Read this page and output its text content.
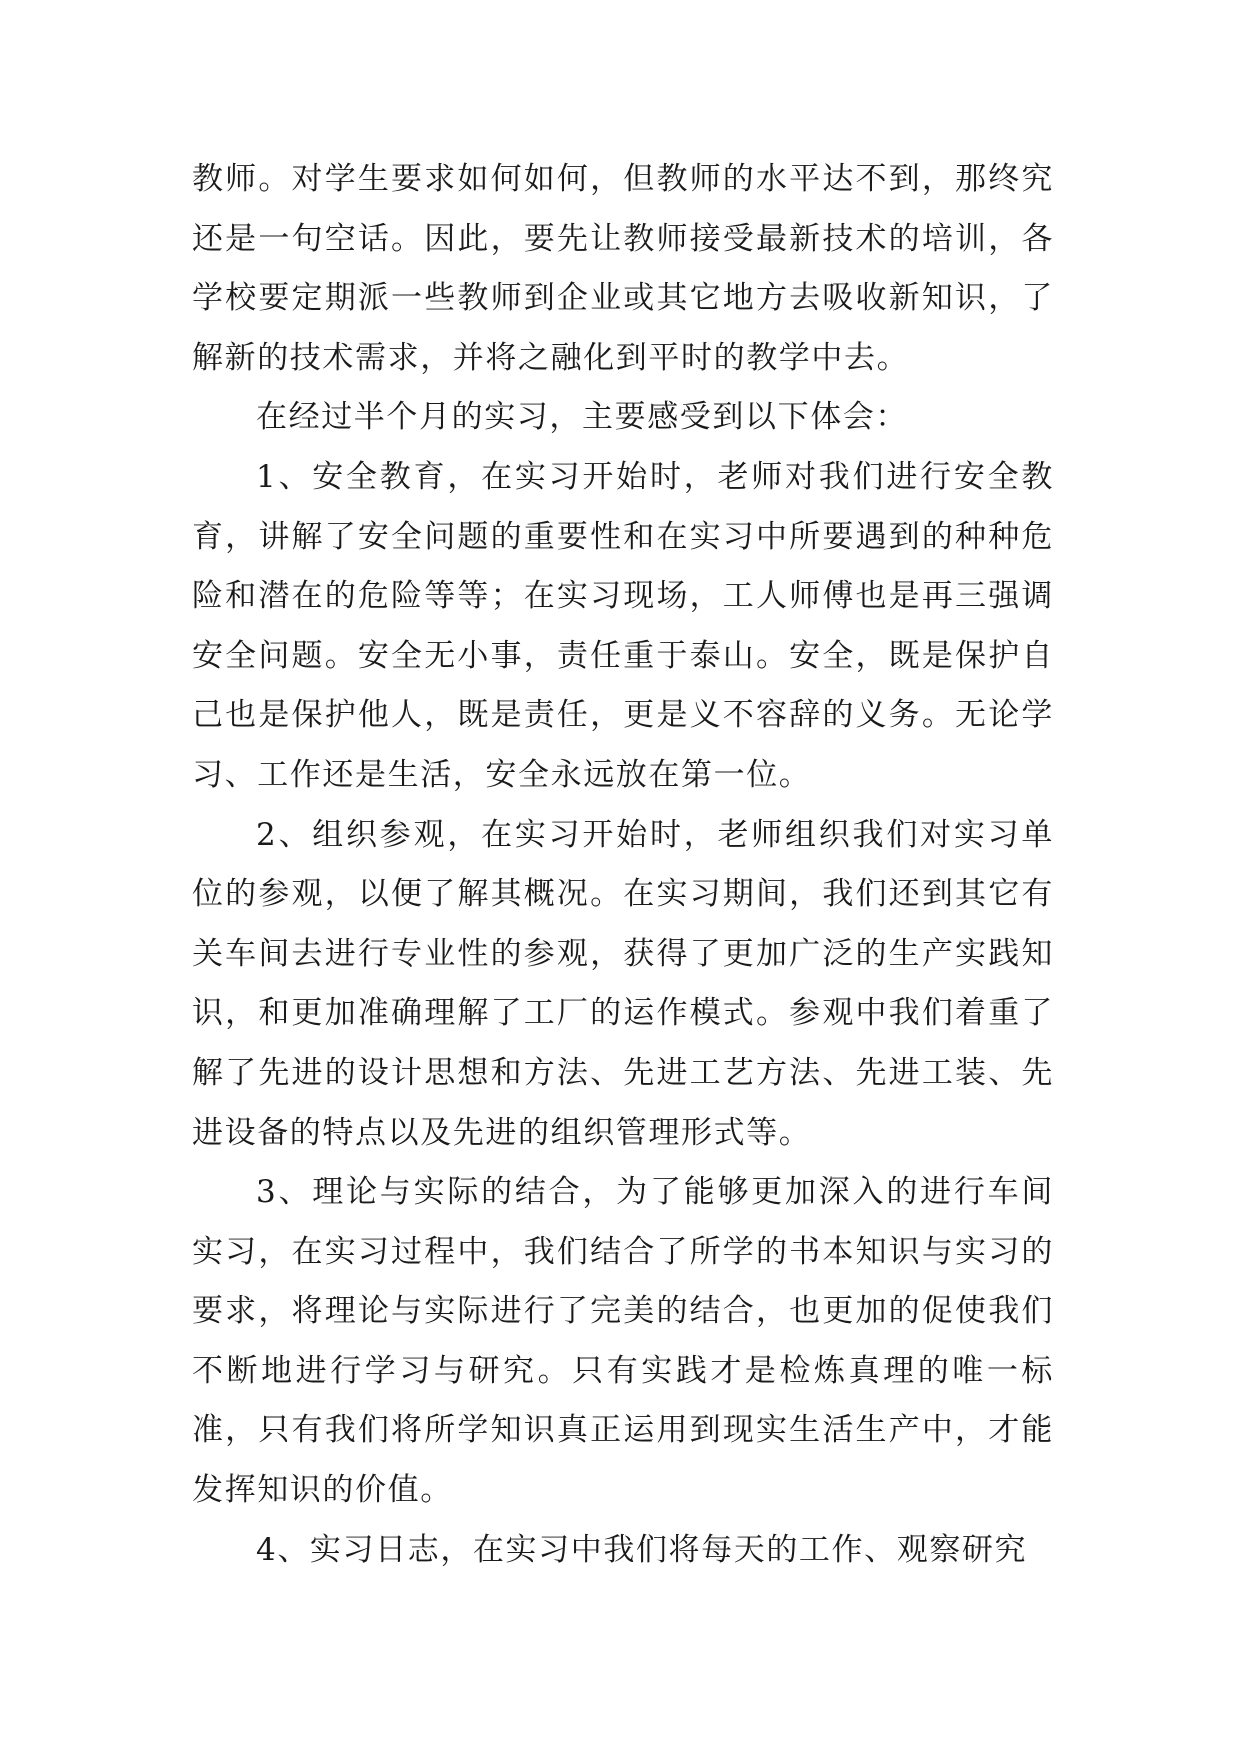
教师。对学生要求如何如何，但教师的水平达不到，那终究还是一句空话。因此，要先让教师接受最新技术的培训，各学校要定期派一些教师到企业或其它地方去吸收新知识，了解新的技术需求，并将之融化到平时的教学中去。

在经过半个月的实习，主要感受到以下体会：

1、安全教育，在实习开始时，老师对我们进行安全教育，讲解了安全问题的重要性和在实习中所要遇到的种种危险和潜在的危险等等；在实习现场，工人师傅也是再三强调安全问题。安全无小事，责任重于泰山。安全，既是保护自己也是保护他人，既是责任，更是义不容辞的义务。无论学习、工作还是生活，安全永远放在第一位。

2、组织参观，在实习开始时，老师组织我们对实习单位的参观，以便了解其概况。在实习期间，我们还到其它有关车间去进行专业性的参观，获得了更加广泛的生产实践知识，和更加准确理解了工厂的运作模式。参观中我们着重了解了先进的设计思想和方法、先进工艺方法、先进工装、先进设备的特点以及先进的组织管理形式等。

3、理论与实际的结合，为了能够更加深入的进行车间实习，在实习过程中，我们结合了所学的书本知识与实习的要求，将理论与实际进行了完美的结合，也更加的促使我们不断地进行学习与研究。只有实践才是检炼真理的唯一标准，只有我们将所学知识真正运用到现实生活生产中，才能发挥知识的价值。

4、实习日志，在实习中我们将每天的工作、观察研究
